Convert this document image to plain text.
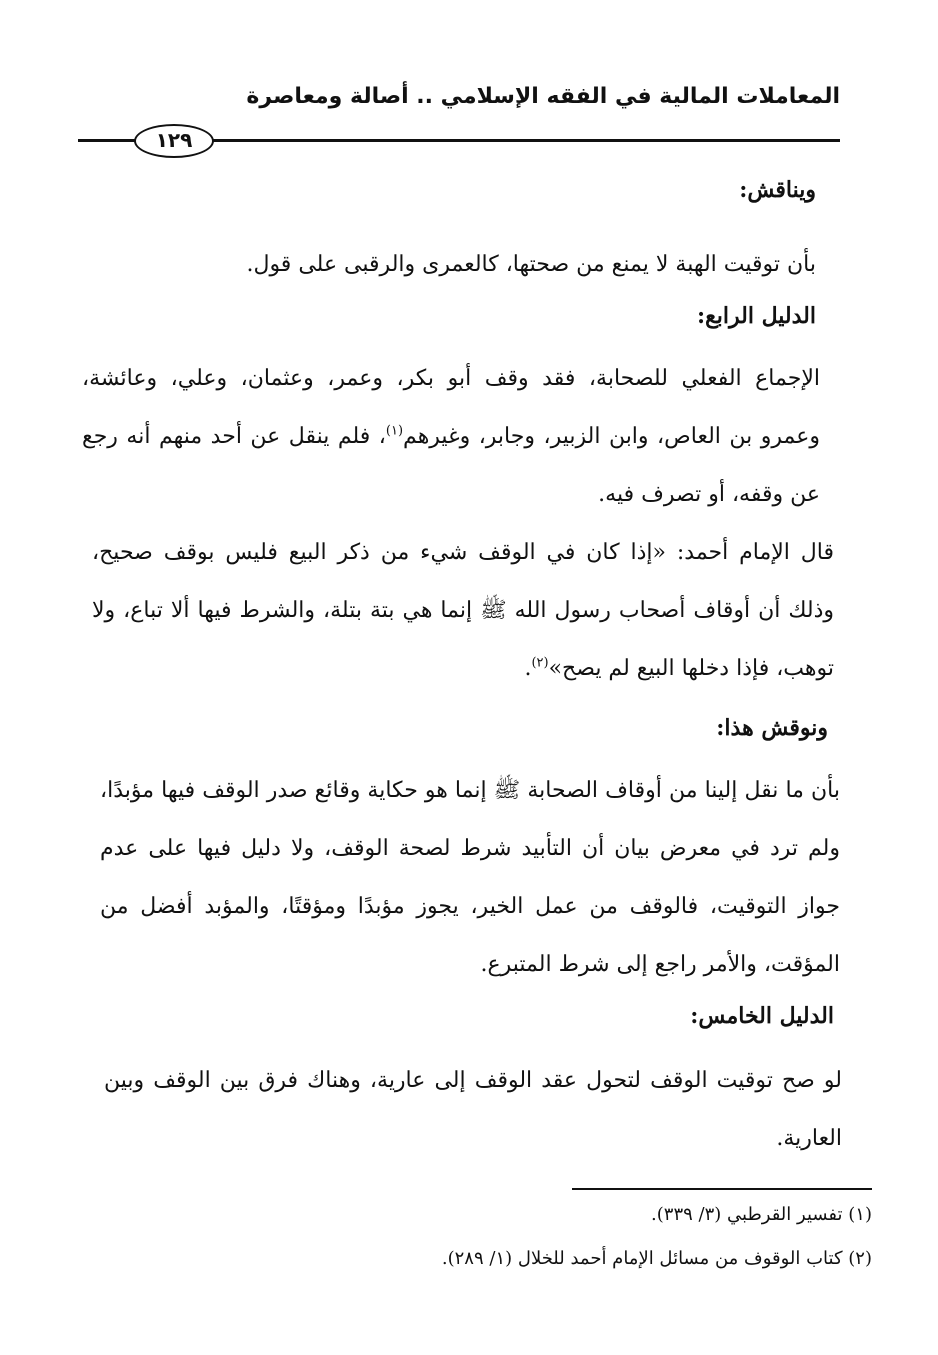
المعاملات المالية في الفقه الإسلامي .. أصالة ومعاصرة
١٢٩
ويناقش:
بأن توقيت الهبة لا يمنع من صحتها، كالعمرى والرقبى على قول.
الدليل الرابع:
الإجماع الفعلي للصحابة، فقد وقف أبو بكر، وعمر، وعثمان، وعلي، وعائشة، وعمرو بن العاص، وابن الزبير، وجابر، وغيرهم$^{(١)}$، فلم ينقل عن أحد منهم أنه رجع عن وقفه، أو تصرف فيه.
قال الإمام أحمد: «إذا كان في الوقف شيء من ذكر البيع فليس بوقف صحيح، وذلك أن أوقاف أصحاب رسول الله ﷺ إنما هي بتة بتلة، والشرط فيها ألا تباع، ولا توهب، فإذا دخلها البيع لم يصح»$^{(٢)}$.
ونوقش هذا:
بأن ما نقل إلينا من أوقاف الصحابة ﷺ إنما هو حكاية وقائع صدر الوقف فيها مؤبدًا، ولم ترد في معرض بيان أن التأبيد شرط لصحة الوقف، ولا دليل فيها على عدم جواز التوقيت، فالوقف من عمل الخير، يجوز مؤبدًا ومؤقتًا، والمؤبد أفضل من المؤقت، والأمر راجع إلى شرط المتبرع.
الدليل الخامس:
لو صح توقيت الوقف لتحول عقد الوقف إلى عارية، وهناك فرق بين الوقف وبين العارية.
(١) تفسير القرطبي (٣/ ٣٣٩).
(٢) كتاب الوقوف من مسائل الإمام أحمد للخلال (١/ ٢٨٩).
